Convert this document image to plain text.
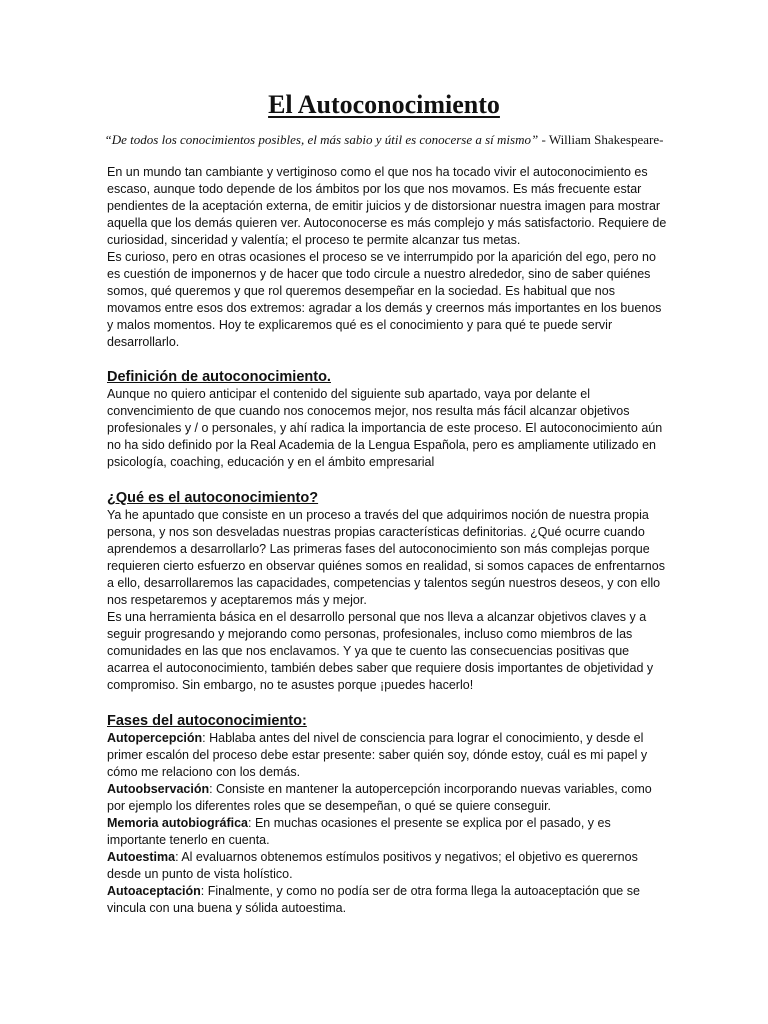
El Autoconocimiento
“De todos los conocimientos posibles, el más sabio y útil es conocerse a sí mismo” - William Shakespeare-

En un mundo tan cambiante y vertiginoso como el que nos ha tocado vivir el autoconocimiento es escaso, aunque todo depende de los ámbitos por los que nos movamos. Es más frecuente estar pendientes de la aceptación externa, de emitir juicios y de distorsionar nuestra imagen para mostrar aquella que los demás quieren ver. Autoconocerse es más complejo y más satisfactorio. Requiere de curiosidad, sinceridad y valentía; el proceso te permite alcanzar tus metas.

Es curioso, pero en otras ocasiones el proceso se ve interrumpido por la aparición del ego, pero no es cuestión de imponernos y de hacer que todo circule a nuestro alrededor, sino de saber quiénes somos, qué queremos y que rol queremos desempeñar en la sociedad. Es habitual que nos movamos entre esos dos extremos: agradar a los demás y creernos más importantes en los buenos y malos momentos. Hoy te explicaremos qué es el conocimiento y para qué te puede servir desarrollarlo.

Definición de autoconocimiento.

Aunque no quiero anticipar el contenido del siguiente sub apartado, vaya por delante el convencimiento de que cuando nos conocemos mejor, nos resulta más fácil alcanzar objetivos profesionales y / o personales, y ahí radica la importancia de este proceso. El autoconocimiento aún no ha sido definido por la Real Academia de la Lengua Española, pero es ampliamente utilizado en psicología, coaching, educación y en el ámbito empresarial

¿Qué es el autoconocimiento?

Ya he apuntado que consiste en un proceso a través del que adquirimos noción de nuestra propia persona, y nos son desveladas nuestras propias características definitorias. ¿Qué ocurre cuando aprendemos a desarrollarlo? Las primeras fases del autoconocimiento son más complejas porque requieren cierto esfuerzo en observar quiénes somos en realidad, si somos capaces de enfrentarnos a ello, desarrollaremos las capacidades, competencias y talentos según nuestros deseos, y con ello nos respetaremos y aceptaremos más y mejor.

Es una herramienta básica en el desarrollo personal que nos lleva a alcanzar objetivos claves y a seguir progresando y mejorando como personas, profesionales, incluso como miembros de las comunidades en las que nos enclavamos. Y ya que te cuento las consecuencias positivas que acarrea el autoconocimiento, también debes saber que requiere dosis importantes de objetividad y compromiso. Sin embargo, no te asustes porque ¡puedes hacerlo!

Fases del autoconocimiento:

Autopercepción: Hablaba antes del nivel de consciencia para lograr el conocimiento, y desde el primer escalón del proceso debe estar presente: saber quién soy, dónde estoy, cuál es mi papel y cómo me relaciono con los demás.

Autoobservación: Consiste en mantener la autopercepción incorporando nuevas variables, como por ejemplo los diferentes roles que se desempeñan, o qué se quiere conseguir.

Memoria autobiográfica: En muchas ocasiones el presente se explica por el pasado, y es importante tenerlo en cuenta.

Autoestima: Al evaluarnos obtenemos estímulos positivos y negativos; el objetivo es querernos desde un punto de vista holístico.

Autoaceptación: Finalmente, y como no podía ser de otra forma llega la autoaceptación que se vincula con una buena y sólida autoestima.
